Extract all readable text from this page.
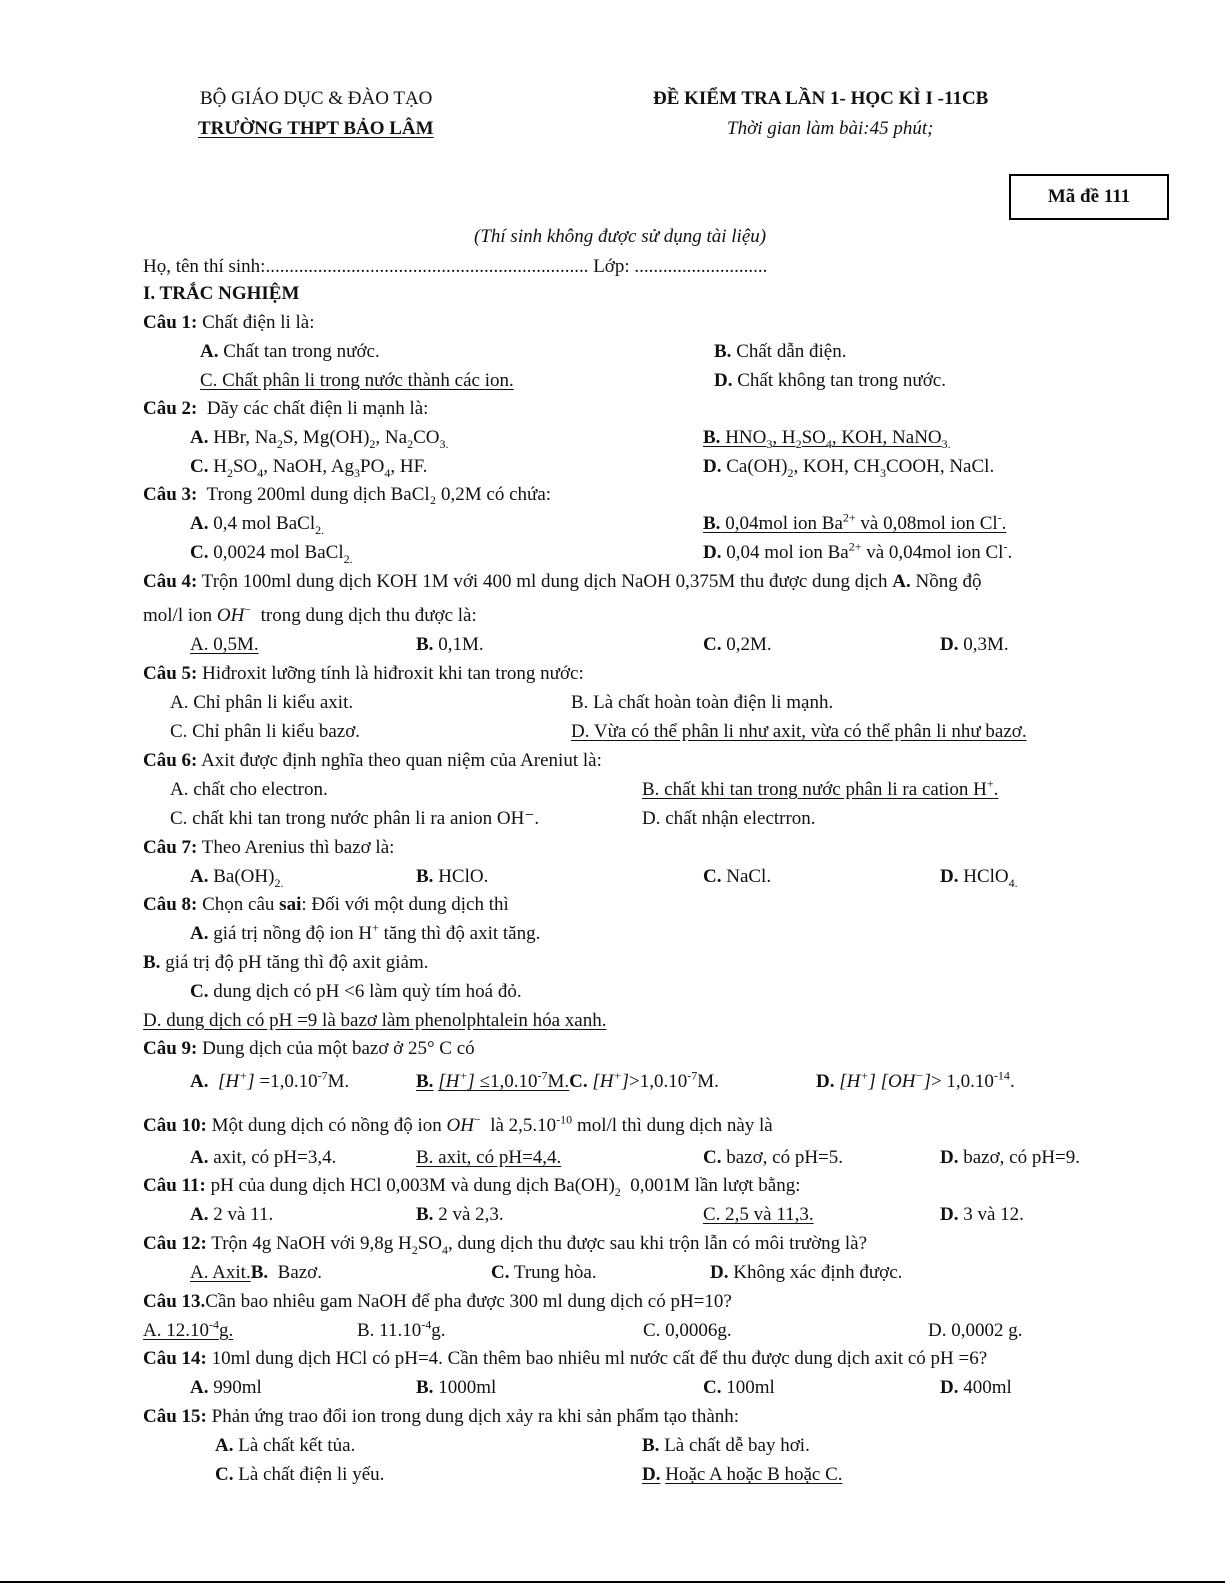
BỘ GIÁO DỤC & ĐÀO TẠO
TRƯỜNG THPT BẢO LÂM
ĐỀ KIỂM TRA LẦN 1- HỌC KÌ I -11CB
Thời gian làm bài:45 phút;
Mã đề 111
(Thí sinh không được sử dụng tài liệu)
Họ, tên thí sinh:.................................................................... Lớp: ............................
I. TRẮC NGHIỆM
Câu 1: Chất điện li là:
A. Chất tan trong nước.	B. Chất dẫn điện.
C. Chất phân li trong nước thành các ion.	D. Chất không tan trong nước.
Câu 2: Dãy các chất điện li mạnh là:
A. HBr, $Na_2S$, $Mg(OH)_2$, $Na_2CO_{3.}$	B. $HNO_3$, $H_2SO_4$, KOH, NaNO$_{3.}$
C. $H_2SO_4$, NaOH, $Ag_3PO_4$, HF.	D. $Ca(OH)_2$, KOH, $CH_3COOH$, NaCl.
Câu 3: Trong 200ml dung dịch BaCl₂ 0,2M có chứa:
A. 0,4 mol BaCl$_{2.}$	B. 0,04mol ion $Ba^{2+}$ và 0,08mol ion Cl-.
C. 0,0024 mol BaCl$_{2.}$	D. 0,04 mol ion $Ba^{2+}$ và 0,04mol ion Cl-.
Câu 4: Trộn 100ml dung dịch KOH 1M với 400 ml dung dịch NaOH 0,375M thu được dung dịch A. Nồng độ
mol/l ion OH− trong dung dịch thu được là:
A. 0,5M.	B. 0,1M.	C. 0,2M.	D. 0,3M.
Câu 5: Hiđroxit lưỡng tính là hiđroxit khi tan trong nước:
A. Chỉ phân li kiểu axit.	B. Là chất hoàn toàn điện li mạnh.
C. Chỉ phân li kiểu bazơ.	D. Vừa có thể phân li như axit, vừa có thể phân li như bazơ.
Câu 6: Axit được định nghĩa theo quan niệm của Areniut là:
A. chất cho electron.	B. chất khi tan trong nước phân li ra cation H+.
C. chất khi tan trong nước phân li ra anion OH⁻.	D. chất nhận electrron.
Câu 7: Theo Arenius thì bazơ là:
A. $Ba(OH)_{2.}$	B. HClO.	C. NaCl.	D. HClO$_{4.}$
Câu 8: Chọn câu sai: Đối với một dung dịch thì
A. giá trị nồng độ ion H+ tăng thì độ axit tăng.
B. giá trị độ pH tăng thì độ axit giảm.
C. dung dịch có pH <6 làm quỳ tím hoá đỏ.
D. dung dịch có pH =9 là bazơ làm phenolphtalein hóa xanh.
Câu 9: Dung dịch của một bazơ ở 25° C có
A. $[H^+] =1,0.10^{-7}M$.	B. $[H^+] \le 1,0.10^{-7}M.C$. $[H^+]>1,0.10^{-7}M$.	D. [H+] $[OH^-]> 1,0.10^{-14}$.
Câu 10: Một dung dịch có nồng độ ion OH−  là $2,5.10^{-10}$ mol/l thì dung dịch này là
A. axit, có pH=3,4.	B. axit, có pH=4,4.	C. bazơ, có pH=5.	D. bazơ, có pH=9.
Câu 11: pH của dung dịch HCl 0,003M và dung dịch $Ba(OH)_2$  0,001M lần lượt bằng:
A. 2 và 11.	B. 2 và 2,3.	C. 2,5 và 11,3.	D. 3 và 12.
Câu 12: Trộn 4g NaOH với 9,8g $H_2SO_4$, dung dịch thu được sau khi trộn lẫn có môi trường là?
A. Axit.B. Bazơ.	C. Trung hòa.	D. Không xác định được.
Câu 13.Cần bao nhiêu gam NaOH để pha được 300 ml dung dịch có pH=10?
A. $12.10^{-4}g$.	B. $11.10^{-4}g$.	C. 0,0006g.	D. 0,0002 g.
Câu 14: 10ml dung dịch HCl có pH=4. Cần thêm bao nhiêu ml nước cất để thu được dung dịch axit có pH =6?
A. 990ml	B. 1000ml	C. 100ml	D. 400ml
Câu 15: Phản ứng trao đổi ion trong dung dịch xảy ra khi sản phẩm tạo thành:
A. Là chất kết tủa.	B. Là chất dễ bay hơi.
C. Là chất điện li yếu.	D. Hoặc A hoặc B hoặc C.
